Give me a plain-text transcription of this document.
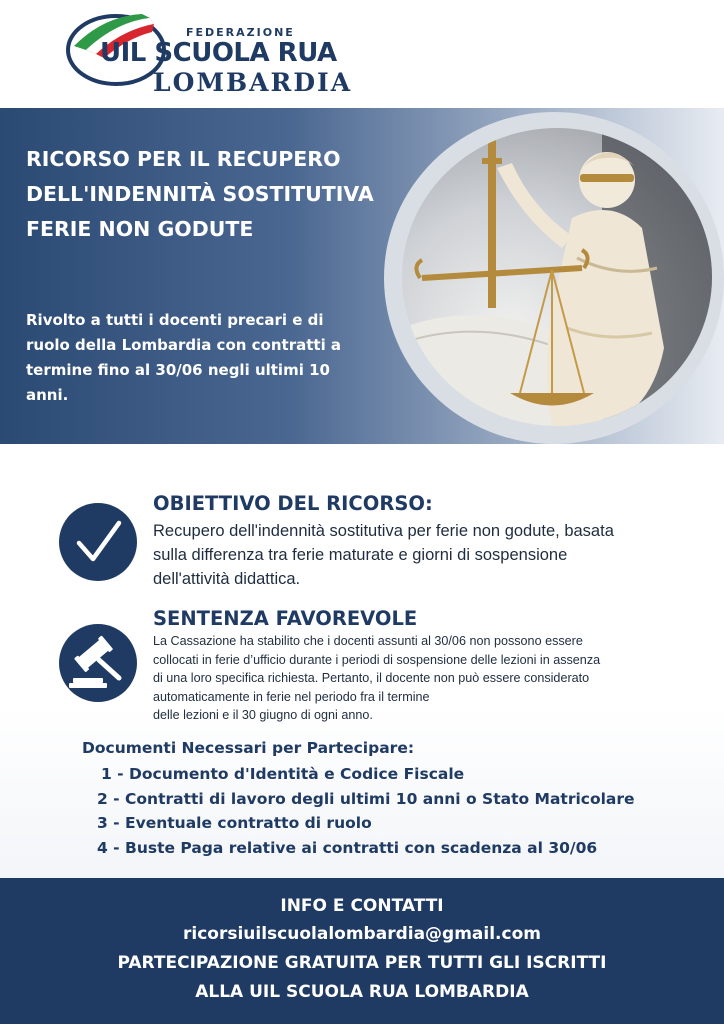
FEDERAZIONE
UIL SCUOLA RUA
LOMBARDIA
RICORSO PER IL RECUPERO DELL'INDENNITÀ SOSTITUTIVA FERIE NON GODUTE

Rivolto a tutti i docenti precari e di ruolo della Lombardia con contratti a termine fino al 30/06 negli ultimi 10 anni.

OBIETTIVO DEL RICORSO:

Recupero dell'indennità sostitutiva per ferie non godute, basata sulla differenza tra ferie maturate e giorni di sospensione dell'attività didattica.

SENTENZA FAVOREVOLE

La Cassazione ha stabilito che i docenti assunti al 30/06 non possono essere
collocati in ferie d’ufficio durante i periodi di sospensione delle lezioni in assenza
di una loro specifica richiesta. Pertanto, il docente non può essere considerato
automaticamente in ferie nel periodo fra il termine
delle lezioni e il 30 giugno di ogni anno.

Documenti Necessari per Partecipare:
1 - Documento d'Identità e Codice Fiscale
2 - Contratti di lavoro degli ultimi 10 anni o Stato Matricolare
3 - Eventuale contratto di ruolo
4 - Buste Paga relative ai contratti con scadenza al 30/06

INFO E CONTATTI

ricorsiuilscuolalombardia@gmail.com

PARTECIPAZIONE GRATUITA PER TUTTI GLI ISCRITTI

ALLA UIL SCUOLA RUA LOMBARDIA
